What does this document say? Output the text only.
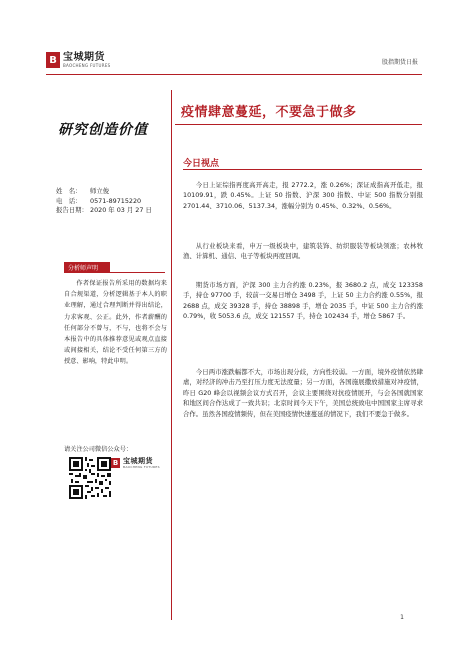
B 宝城期货
BAOCHENG FUTURES	股指期货日报
研究创造价值
疫情肆意蔓延，不要急于做多
姓　名：	师立俊
电　话：	0571-89715220
报告日期： 2020 年 03 月 27 日
分析师声明
作者保证报告所采用的数据均来自合规渠道，分析逻辑基于本人的职业理解，通过合理判断并得出结论，力求客观、公正。此外，作者薪酬的任何部分不曾与，不与，也将不会与本报告中的具体推荐意见或观点直接或间接相关，结论不受任何第三方的授意、影响，特此申明。
请关注公司微信公众号：
B 宝城期货
BAOCHENG FUTURES
今日视点

今日上证综指再度高开高走，报 2772.2，涨 0.26%；深证成指高开低走，报 10109.91，跌 0.45%。上证 50 指数、沪深 300 指数、中证 500 指数分别报 2701.44、3710.06、5137.34，涨幅分别为 0.45%、0.32%、0.56%。

从行业板块来看，申万一级板块中，建筑装饰、纺织服装等板块领涨；农林牧渔、计算机、通信、电子等板块再度回调。

期货市场方面，沪深 300 主力合约涨 0.23%，报 3680.2 点，成交 123358 手，持仓 97700 手，较前一交易日增仓 3498 手，上证 50 主力合约涨 0.55%，报 2688 点，成交 39328 手，持仓 38898 手，增仓 2035 手，中证 500 主力合约涨 0.79%，收 5053.6 点，成交 121557 手，持仓 102434 手，增仓 5867 手。

今日两市涨跌幅都不大，市场出现分歧，方向性较弱。一方面，境外疫情依然肆虐，对经济的冲击乃至打压力度无法度量；另一方面，各国施展撒放措施对冲疫情，昨日 G20 峰会以视频会议方式召开，会议主要围绕对抗疫情展开，与会各国就国家和地区间合作达成了一致共识；北京时间今天下午，美国总统致电中国国家主席寻求合作。虽然各国疫情频传，但在美国疫情快速蔓延的情况下，我们不要急于做多。

1
